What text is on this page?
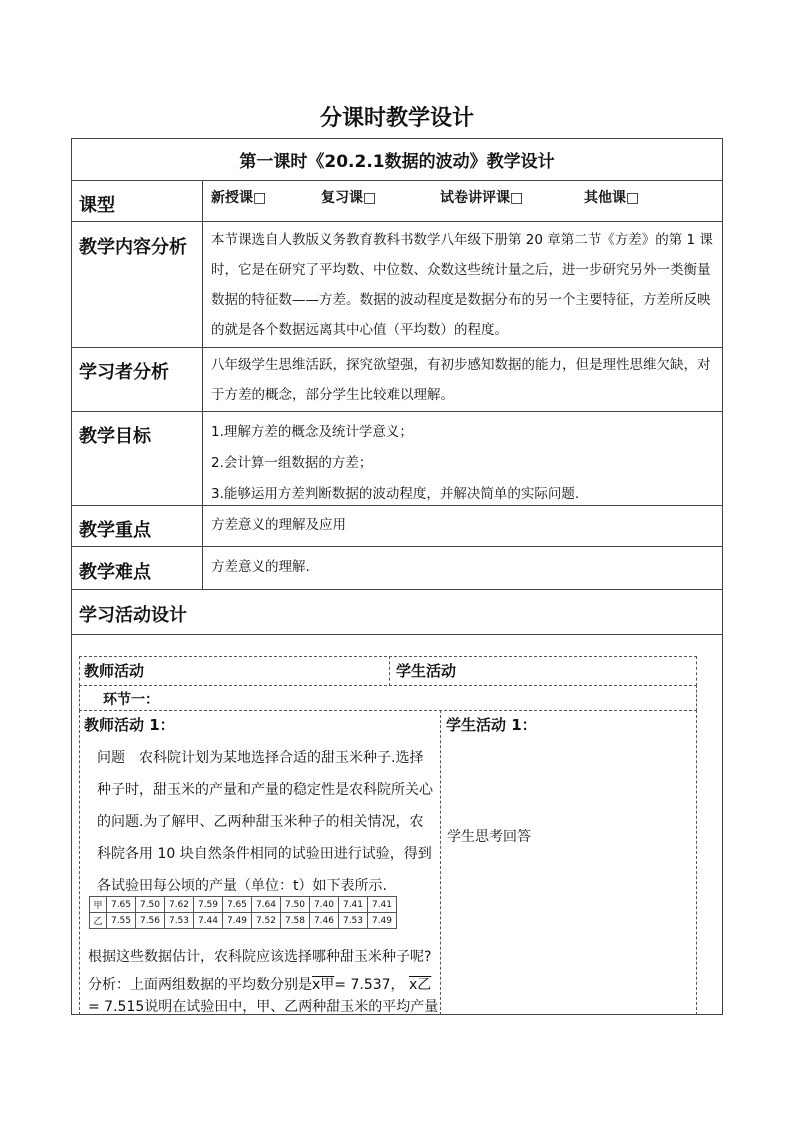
分课时教学设计
第一课时《20.2.1数据的波动》教学设计
课型	新授课□	复习课□	试卷讲评课□	其他课□
教学内容分析 本节课选自人教版义务教育教科书数学八年级下册第 20 章第二节《方差》的第 1 课时，它是在研究了平均数、中位数、众数这些统计量之后，进一步研究另外一类衡量数据的特征数——方差。数据的波动程度是数据分布的另一个主要特征，方差所反映的就是各个数据远离其中心值（平均数）的程度。
学习者分析	八年级学生思维活跃，探究欲望强，有初步感知数据的能力，但是理性思维欠缺，对于方差的概念，部分学生比较难以理解。
教学目标	1.理解方差的概念及统计学意义；
2.会计算一组数据的方差；
3.能够运用方差判断数据的波动程度，并解决简单的实际问题.
教学重点	方差意义的理解及应用
教学难点	方差意义的理解.
学习活动设计
教师活动	学生活动
环节一：
教师活动 1：	学生活动 1：
问题　农科院计划为某地选择合适的甜玉米种子.选择种子时，甜玉米的产量和产量的稳定性是农科院所关心的问题.为了解甲、乙两种甜玉米种子的相关情况，农科院各用 10 块自然条件相同的试验田进行试验，得到各试验田每公顷的产量（单位：t）如下表所示.
学生思考回答
甲	7.65	7.50	7.62	7.59	7.65	7.64	7.50	7.40	7.41	7.41
乙	7.55	7.56	7.53	7.44	7.49	7.52	7.58	7.46	7.53	7.49
根据这些数据估计，农科院应该选择哪种甜玉米种子呢?
分析：上面两组数据的平均数分别是x甲= 7.537， x乙
= 7.515说明在试验田中，甲、乙两种甜玉米的平均产量
